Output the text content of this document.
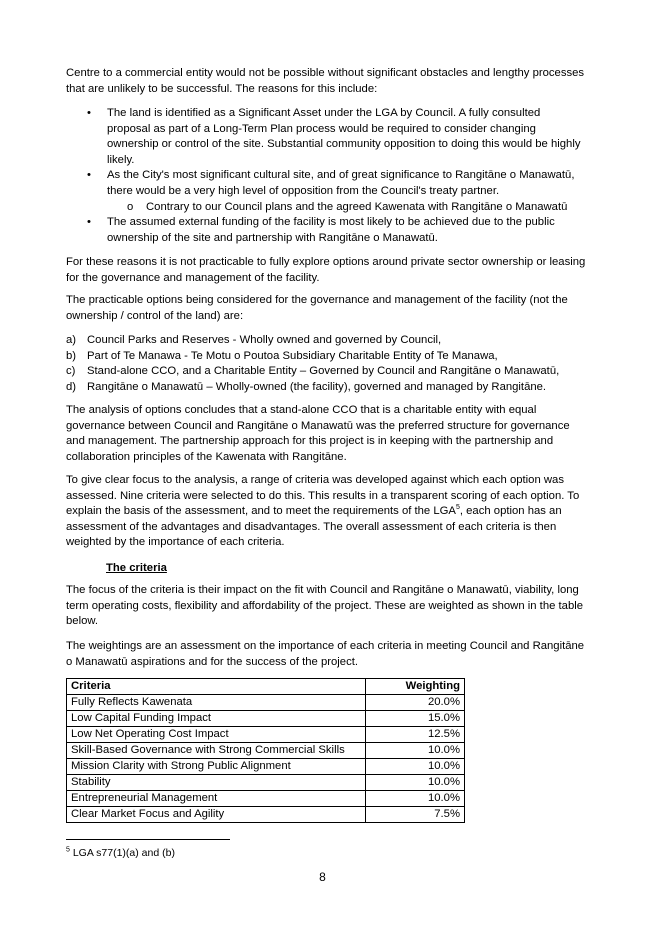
Centre to a commercial entity would not be possible without significant obstacles and lengthy processes that are unlikely to be successful. The reasons for this include:

• The land is identified as a Significant Asset under the LGA by Council. A fully consulted proposal as part of a Long-Term Plan process would be required to consider changing ownership or control of the site. Substantial community opposition to doing this would be highly likely.
• As the City's most significant cultural site, and of great significance to Rangitāne o Manawatū, there would be a very high level of opposition from the Council's treaty partner.
o Contrary to our Council plans and the agreed Kawenata with Rangitāne o Manawatū
• The assumed external funding of the facility is most likely to be achieved due to the public ownership of the site and partnership with Rangitāne o Manawatū.

For these reasons it is not practicable to fully explore options around private sector ownership or leasing for the governance and management of the facility.

The practicable options being considered for the governance and management of the facility (not the ownership / control of the land) are:

a) Council Parks and Reserves - Wholly owned and governed by Council,
b) Part of Te Manawa - Te Motu o Poutoa Subsidiary Charitable Entity of Te Manawa,
c) Stand-alone CCO, and a Charitable Entity – Governed by Council and Rangitāne o Manawatū,
d) Rangitāne o Manawatū – Wholly-owned (the facility), governed and managed by Rangitāne.

The analysis of options concludes that a stand-alone CCO that is a charitable entity with equal governance between Council and Rangitāne o Manawatū was the preferred structure for governance and management. The partnership approach for this project is in keeping with the partnership and collaboration principles of the Kawenata with Rangitāne.

To give clear focus to the analysis, a range of criteria was developed against which each option was assessed. Nine criteria were selected to do this. This results in a transparent scoring of each option. To explain the basis of the assessment, and to meet the requirements of the LGA$^5$, each option has an assessment of the advantages and disadvantages. The overall assessment of each criteria is then weighted by the importance of each criteria.

The criteria

The focus of the criteria is their impact on the fit with Council and Rangitāne o Manawatū, viability, long term operating costs, flexibility and affordability of the project. These are weighted as shown in the table below.

The weightings are an assessment on the importance of each criteria in meeting Council and Rangitāne o Manawatū aspirations and for the success of the project.

Criteria	Weighting
Fully Reflects Kawenata	20.0%
Low Capital Funding Impact	15.0%
Low Net Operating Cost Impact	12.5%
Skill-Based Governance with Strong Commercial Skills	10.0%
Mission Clarity with Strong Public Alignment	10.0%
Stability	10.0%
Entrepreneurial Management	10.0%
Clear Market Focus and Agility	7.5%
$^5$ LGA s77(1)(a) and (b)
8
